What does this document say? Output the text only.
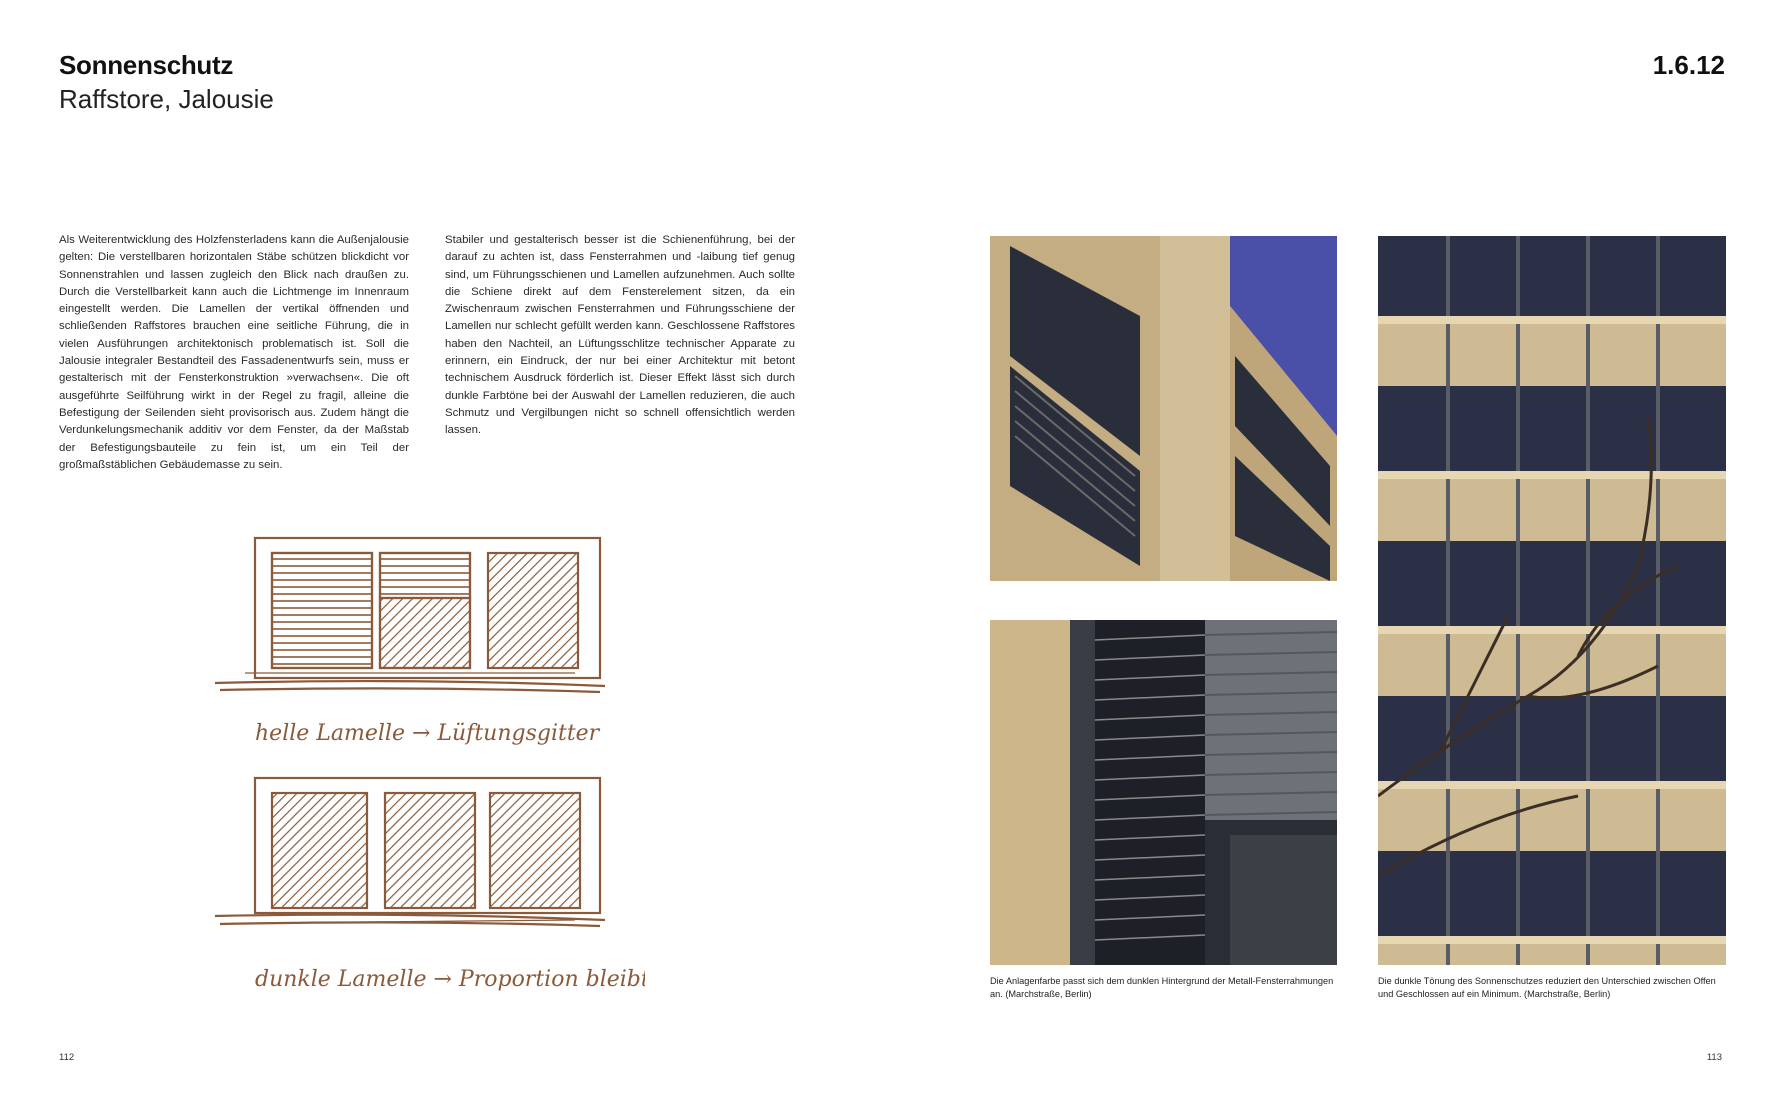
Sonnenschutz
Raffstore, Jalousie
1.6.12
Als Weiterentwicklung des Holzfensterladens kann die Außenjalousie gelten: Die verstellbaren horizontalen Stäbe schützen blickdicht vor Sonnenstrahlen und lassen zugleich den Blick nach draußen zu. Durch die Verstellbarkeit kann auch die Lichtmenge im Innenraum eingestellt werden. Die Lamellen der vertikal öffnenden und schließenden Raffstores brauchen eine seitliche Führung, die in vielen Ausführungen architektonisch problematisch ist. Soll die Jalousie integraler Bestandteil des Fassadenentwurfs sein, muss er gestalterisch mit der Fensterkonstruktion »verwachsen«. Die oft ausgeführte Seilführung wirkt in der Regel zu fragil, alleine die Befestigung der Seilenden sieht provisorisch aus. Zudem hängt die Verdunkelungsmechanik additiv vor dem Fenster, da der Maßstab der Befestigungsbauteile zu fein ist, um ein Teil der großmaßstäblichen Gebäudemasse zu sein.
Stabiler und gestalterisch besser ist die Schienenführung, bei der darauf zu achten ist, dass Fensterrahmen und -laibung tief genug sind, um Führungsschienen und Lamellen aufzunehmen. Auch sollte die Schiene direkt auf dem Fensterelement sitzen, da ein Zwischenraum zwischen Fensterrahmen und Führungsschiene der Lamellen nur schlecht gefüllt werden kann. Geschlossene Raffstores haben den Nachteil, an Lüftungsschlitze technischer Apparate zu erinnern, ein Eindruck, der nur bei einer Architektur mit betont technischem Ausdruck förderlich ist. Dieser Effekt lässt sich durch dunkle Farbtöne bei der Auswahl der Lamellen reduzieren, die auch Schmutz und Vergilbungen nicht so schnell offensichtlich werden lassen.
helle Lamelle → Lüftungsgitter
dunkle Lamelle → Proportion bleibt	Die Anlagenfarbe passt sich dem dunklen Hintergrund der Metall-Fensterrahmungen an. (Marchstraße, Berlin)
Die dunkle Tönung des Sonnenschutzes reduziert den Unterschied zwischen Offen und Geschlossen auf ein Minimum. (Marchstraße, Berlin)
112	113
